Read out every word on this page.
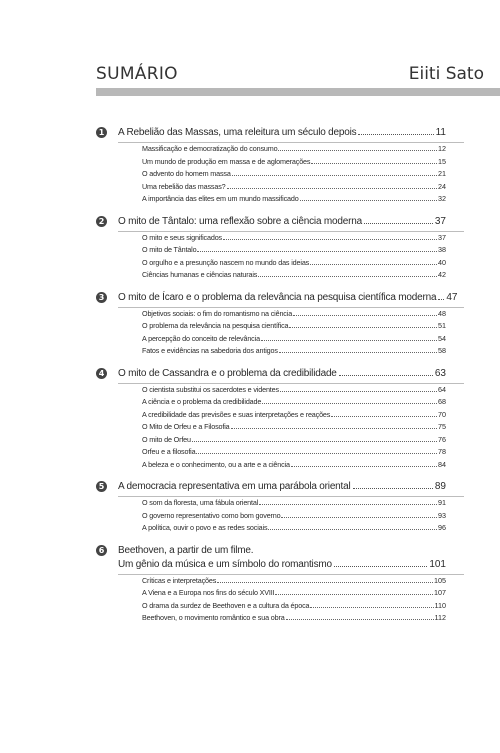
SUMÁRIO	Eiiti Sato
1 A Rebelião das Massas, uma releitura um século depois	11
Massificação e democratização do consumo	12
Um mundo de produção em massa e de aglomerações	15
O advento do homem massa	21
Uma rebelião das massas?	24
A importância das elites em um mundo massificado	32
2 O mito de Tântalo: uma reflexão sobre a ciência moderna	37
O mito e seus significados	37
O mito de Tântalo	38
O orgulho e a presunção nascem no mundo das ideias	40
Ciências humanas e ciências naturais	42
3 O mito de Ícaro e o problema da relevância na pesquisa científica moderna 47
Objetivos sociais: o fim do romantismo na ciência	48
O problema da relevância na pesquisa científica	51
A percepção do conceito de relevância	54
Fatos e evidências na sabedoria dos antigos	58
4 O mito de Cassandra e o problema da credibilidade	63
O cientista substitui os sacerdotes e videntes	64
A ciência e o problema da credibilidade	68
A credibilidade das previsões e suas interpretações e reações	70
O Mito de Orfeu e a Filosofia	75
O mito de Orfeu	76
Orfeu e a filosofia	78
A beleza e o conhecimento, ou a arte e a ciência	84
5 A democracia representativa em uma parábola oriental	89
O som da floresta, uma fábula oriental	91
O governo representativo como bom governo	93
A política, ouvir o povo e as redes sociais	96
6 Beethoven, a partir de um filme.
Um gênio da música e um símbolo do romantismo	101
Críticas e interpretações	105
A Viena e a Europa nos fins do século XVIII	107
O drama da surdez de Beethoven e a cultura da época	110
Beethoven, o movimento romântico e sua obra	112
